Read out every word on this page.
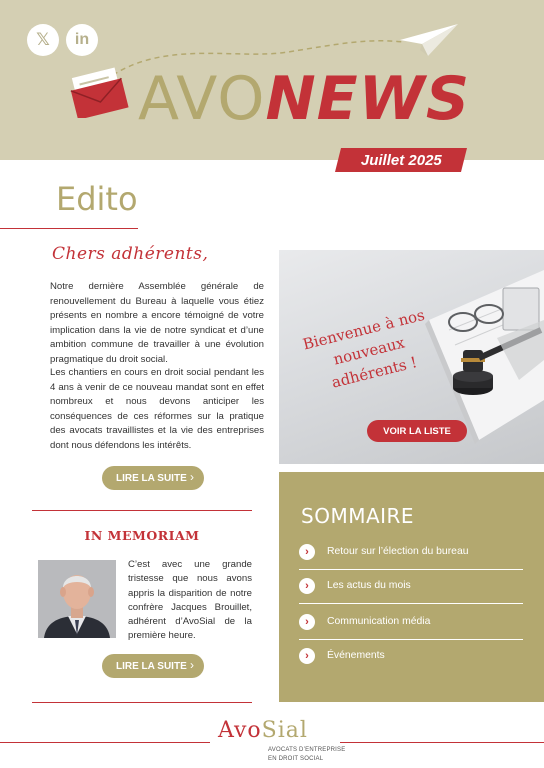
𝕏 in
AVO NEWS
Juillet 2025
Edito
Chers adhérents,

Notre dernière Assemblée générale de renouvellement du Bureau à laquelle vous étiez présents en nombre a encore témoigné de votre implication dans la vie de notre syndicat et d’une ambition commune de travailler à une évolution pragmatique du droit social.

Les chantiers en cours en droit social pendant les 4 ans à venir de ce nouveau mandat sont en effet nombreux et nous devons anticiper les conséquences de ces réformes sur la pratique des avocats travaillistes et la vie des entreprises dont nous défendons les intérêts.

LIRE LA SUITE ›
Bienvenue à nos nouveaux adhérents !
VOIR LA LISTE
SOMMAIRE
› Retour sur l’élection du bureau
› Les actus du mois
› Communication média
› Événements
IN MEMORIAM

C’est avec une grande tristesse que nous avons appris la disparition de notre confrère Jacques Brouillet, adhérent d’AvoSial de la première heure.

LIRE LA SUITE ›
AvoSial
AVOCATS D’ENTREPRISE
EN DROIT SOCIAL
